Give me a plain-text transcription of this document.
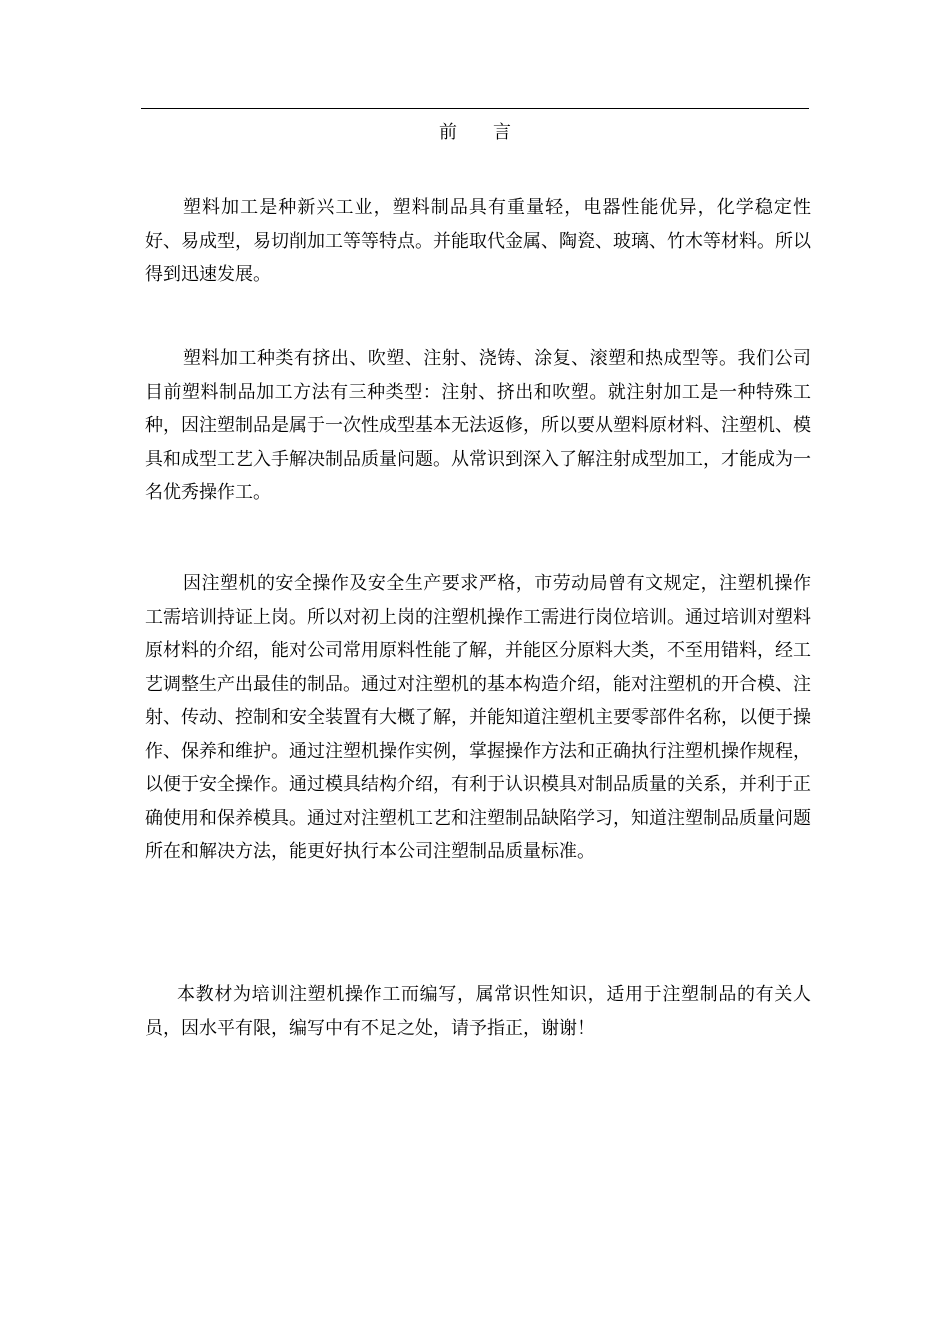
前言

塑料加工是种新兴工业，塑料制品具有重量轻，电器性能优异，化学稳定性好、易成型，易切削加工等等特点。并能取代金属、陶瓷、玻璃、竹木等材料。所以得到迅速发展。

塑料加工种类有挤出、吹塑、注射、浇铸、涂复、滚塑和热成型等。我们公司目前塑料制品加工方法有三种类型：注射、挤出和吹塑。就注射加工是一种特殊工种，因注塑制品是属于一次性成型基本无法返修，所以要从塑料原材料、注塑机、模具和成型工艺入手解决制品质量问题。从常识到深入了解注射成型加工，才能成为一名优秀操作工。

因注塑机的安全操作及安全生产要求严格，市劳动局曾有文规定，注塑机操作工需培训持证上岗。所以对初上岗的注塑机操作工需进行岗位培训。通过培训对塑料原材料的介绍，能对公司常用原料性能了解，并能区分原料大类，不至用错料，经工艺调整生产出最佳的制品。通过对注塑机的基本构造介绍，能对注塑机的开合模、注射、传动、控制和安全装置有大概了解，并能知道注塑机主要零部件名称，以便于操作、保养和维护。通过注塑机操作实例，掌握操作方法和正确执行注塑机操作规程，以便于安全操作。通过模具结构介绍，有利于认识模具对制品质量的关系，并利于正确使用和保养模具。通过对注塑机工艺和注塑制品缺陷学习，知道注塑制品质量问题所在和解决方法，能更好执行本公司注塑制品质量标准。

本教材为培训注塑机操作工而编写，属常识性知识，适用于注塑制品的有关人员，因水平有限，编写中有不足之处，请予指正，谢谢！
